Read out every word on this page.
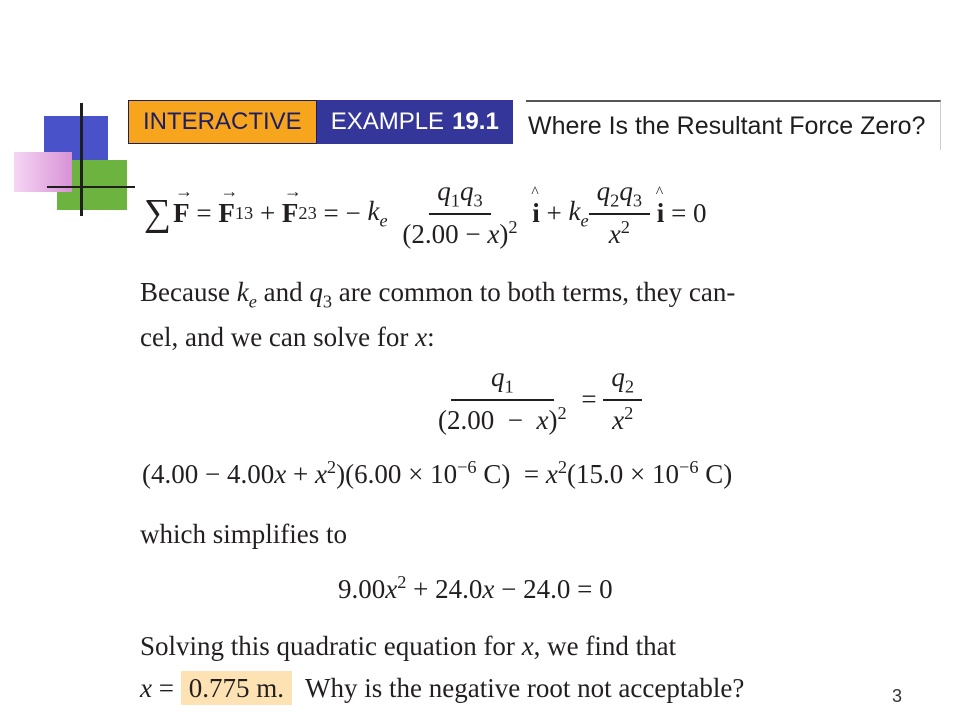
INTERACTIVE	EXAMPLE 19.1 Where Is the Resultant Force Zero?
∑ → F = → F 13 + → F 23 = − $k_e$
$\frac{q_1q_3}{(2.00 - x)^2}$
^ $i + k_e \frac{q_2q_3}{x^2}$
^ i = 0
Because $k_e$ and $q_3$ are common to both terms, they can-
cel, and we can solve for x:
$\frac{q_1}{(2.00 - x)^2} = \frac{q_2}{x^2}$
$(4.00 - 4.00x + x^2)(6.00 \times 10^{-6}$ $C) = x^2(15.0 \times 10^{-6}$ C)
which simplifies to
$9.00x^2 + 24.0x - 24.0 = 0$
Solving this quadratic equation for x, we find that
x = 0.775 m. Why is the negative root not acceptable?	3
